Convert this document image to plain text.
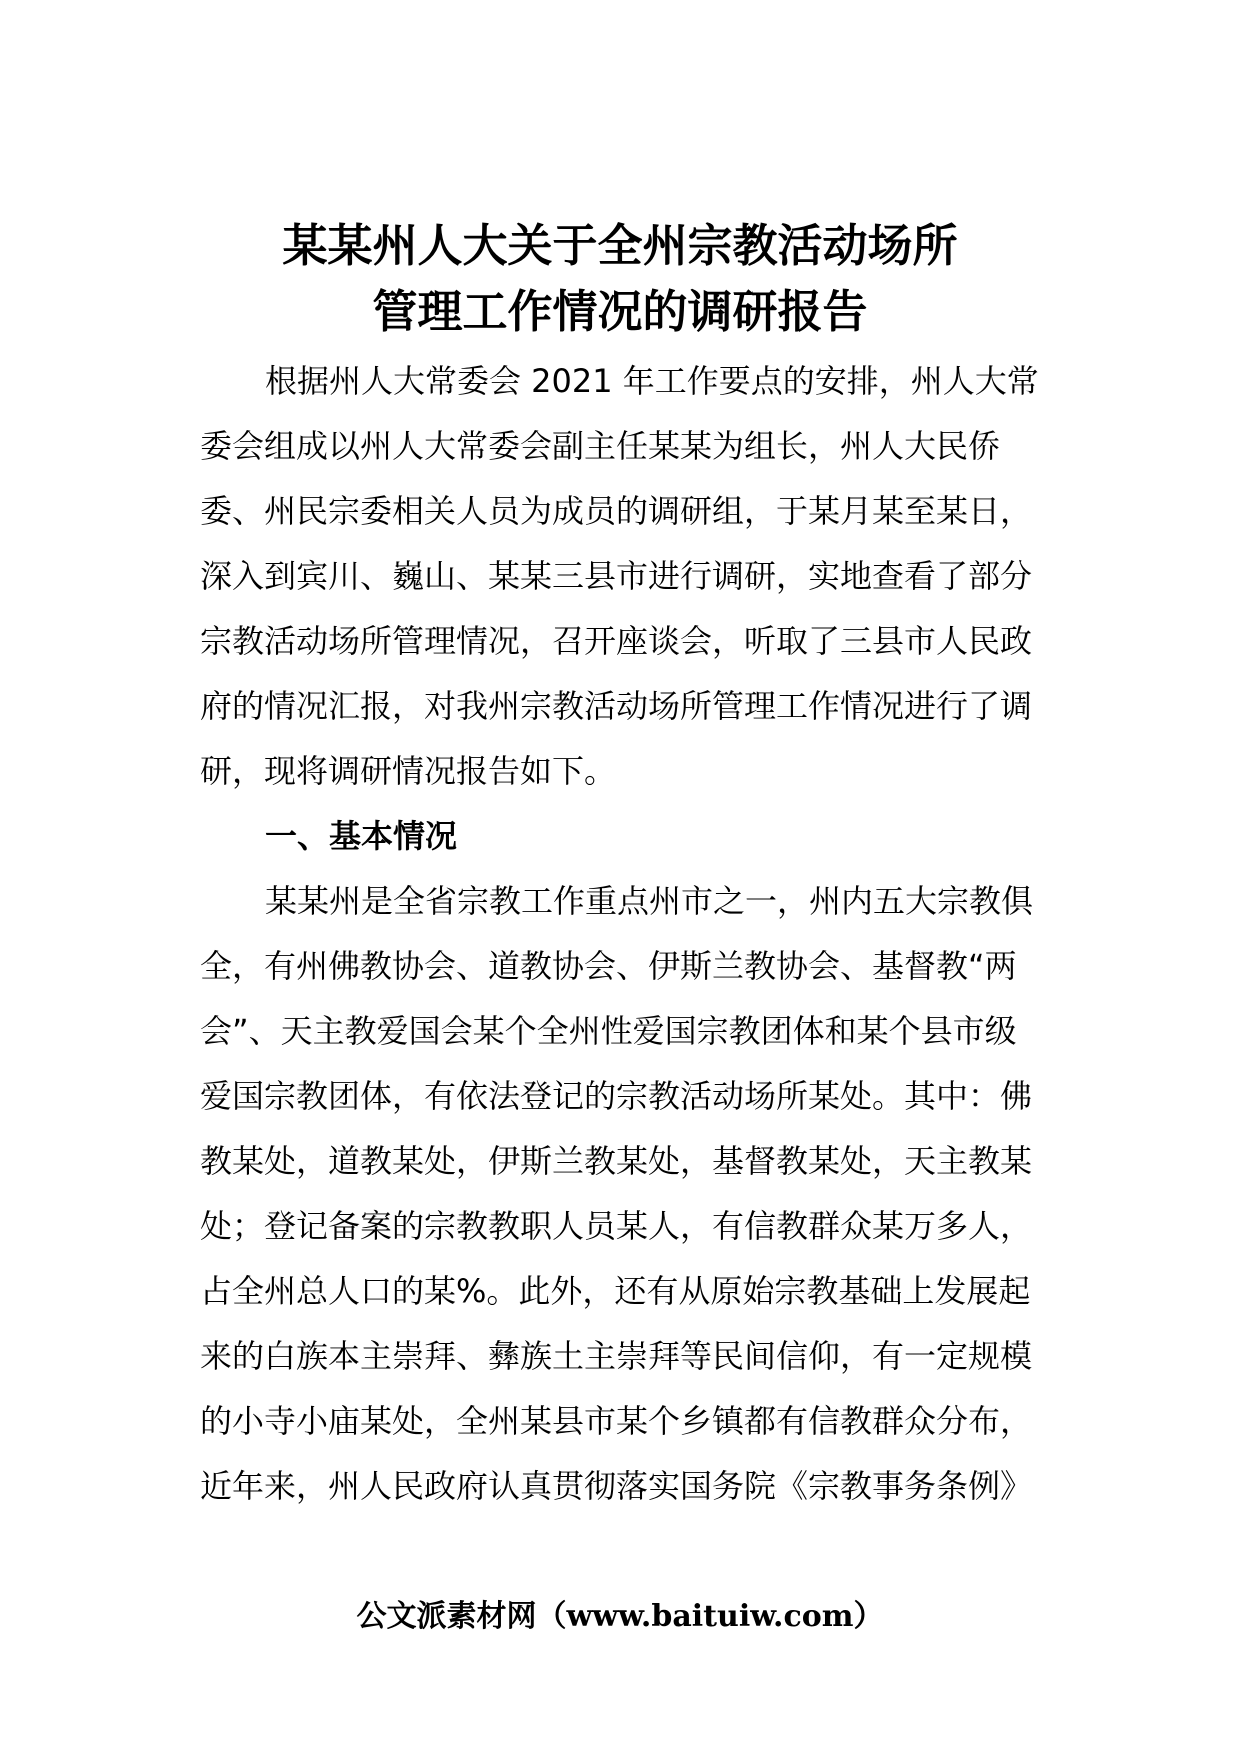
某某州人大关于全州宗教活动场所
管理工作情况的调研报告
根据州人大常委会 2021 年工作要点的安排，州人大常
委会组成以州人大常委会副主任某某为组长，州人大民侨
委、州民宗委相关人员为成员的调研组，于某月某至某日，
深入到宾川、巍山、某某三县市进行调研，实地查看了部分
宗教活动场所管理情况，召开座谈会，听取了三县市人民政
府的情况汇报，对我州宗教活动场所管理工作情况进行了调
研，现将调研情况报告如下。
一、基本情况
某某州是全省宗教工作重点州市之一，州内五大宗教俱
全，有州佛教协会、道教协会、伊斯兰教协会、基督教“两
会”、天主教爱国会某个全州性爱国宗教团体和某个县市级
爱国宗教团体，有依法登记的宗教活动场所某处。其中：佛
教某处，道教某处，伊斯兰教某处，基督教某处，天主教某
处；登记备案的宗教教职人员某人，有信教群众某万多人，
占全州总人口的某%。此外，还有从原始宗教基础上发展起
来的白族本主崇拜、彝族土主崇拜等民间信仰，有一定规模
的小寺小庙某处，全州某县市某个乡镇都有信教群众分布，
近年来，州人民政府认真贯彻落实国务院《宗教事务条例》

公文派素材网（www.baituiw.com）
